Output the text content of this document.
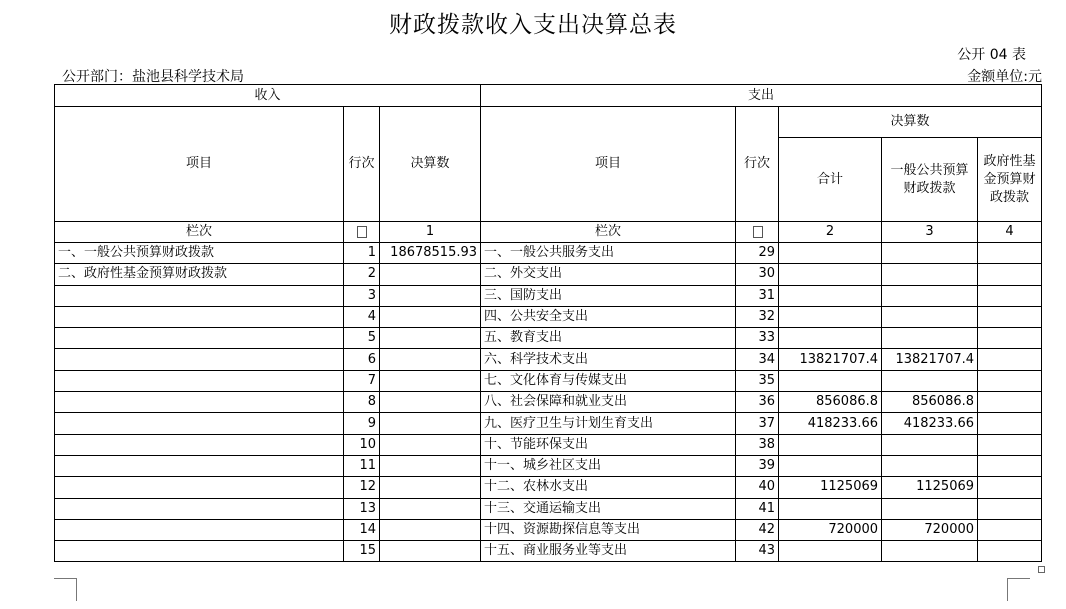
财政拨款收入支出决算总表
公开 04 表
公开部门：盐池县科学技术局	金额单位:元
收入			支出				
项目	行次	决算数	项目	行次	决算数		
					合计	一般公共预算财政拨款	政府性基金预算财政拨款
栏次		1	栏次		2	3	4
一、一般公共预算财政拨款	1	18678515.93	一、一般公共服务支出	29			
二、政府性基金预算财政拨款	2		二、外交支出	30			
	3		三、国防支出	31			
	4		四、公共安全支出	32			
	5		五、教育支出	33			
	6		六、科学技术支出	34	13821707.4	13821707.4	
	7		七、文化体育与传媒支出	35			
	8		八、社会保障和就业支出	36	856086.8	856086.8	
	9		九、医疗卫生与计划生育支出	37	418233.66	418233.66	
	10		十、节能环保支出	38			
	11		十一、城乡社区支出	39			
	12		十二、农林水支出	40	1125069	1125069	
	13		十三、交通运输支出	41			
	14		十四、资源勘探信息等支出	42	720000	720000	
	15		十五、商业服务业等支出	43			
